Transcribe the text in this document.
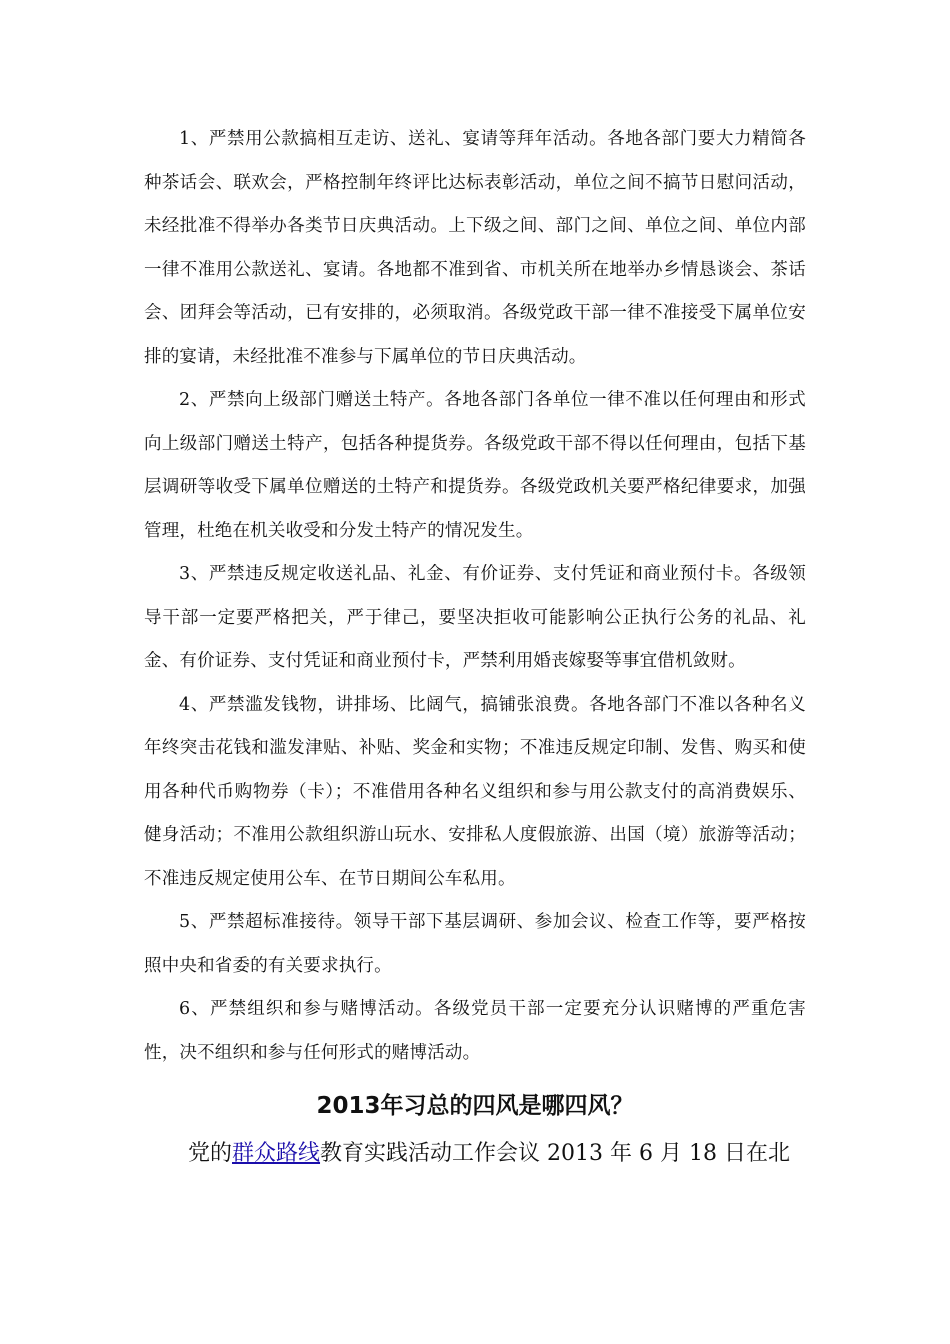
1、严禁用公款搞相互走访、送礼、宴请等拜年活动。各地各部门要大力精简各种茶话会、联欢会，严格控制年终评比达标表彰活动，单位之间不搞节日慰问活动，未经批准不得举办各类节日庆典活动。上下级之间、部门之间、单位之间、单位内部一律不准用公款送礼、宴请。各地都不准到省、市机关所在地举办乡情恳谈会、茶话会、团拜会等活动，已有安排的，必须取消。各级党政干部一律不准接受下属单位安排的宴请，未经批准不准参与下属单位的节日庆典活动。

2、严禁向上级部门赠送土特产。各地各部门各单位一律不准以任何理由和形式向上级部门赠送土特产，包括各种提货券。各级党政干部不得以任何理由，包括下基层调研等收受下属单位赠送的土特产和提货券。各级党政机关要严格纪律要求，加强管理，杜绝在机关收受和分发土特产的情况发生。

3、严禁违反规定收送礼品、礼金、有价证券、支付凭证和商业预付卡。各级领导干部一定要严格把关，严于律己，要坚决拒收可能影响公正执行公务的礼品、礼金、有价证券、支付凭证和商业预付卡，严禁利用婚丧嫁娶等事宜借机敛财。

4、严禁滥发钱物，讲排场、比阔气，搞铺张浪费。各地各部门不准以各种名义年终突击花钱和滥发津贴、补贴、奖金和实物；不准违反规定印制、发售、购买和使用各种代币购物券（卡）；不准借用各种名义组织和参与用公款支付的高消费娱乐、健身活动；不准用公款组织游山玩水、安排私人度假旅游、出国（境）旅游等活动；不准违反规定使用公车、在节日期间公车私用。

5、严禁超标准接待。领导干部下基层调研、参加会议、检查工作等，要严格按照中央和省委的有关要求执行。

6、严禁组织和参与赌博活动。各级党员干部一定要充分认识赌博的严重危害性，决不组织和参与任何形式的赌博活动。

2013年习总的四风是哪四风？

党的群众路线教育实践活动工作会议 2013 年 6 月 18 日在北
